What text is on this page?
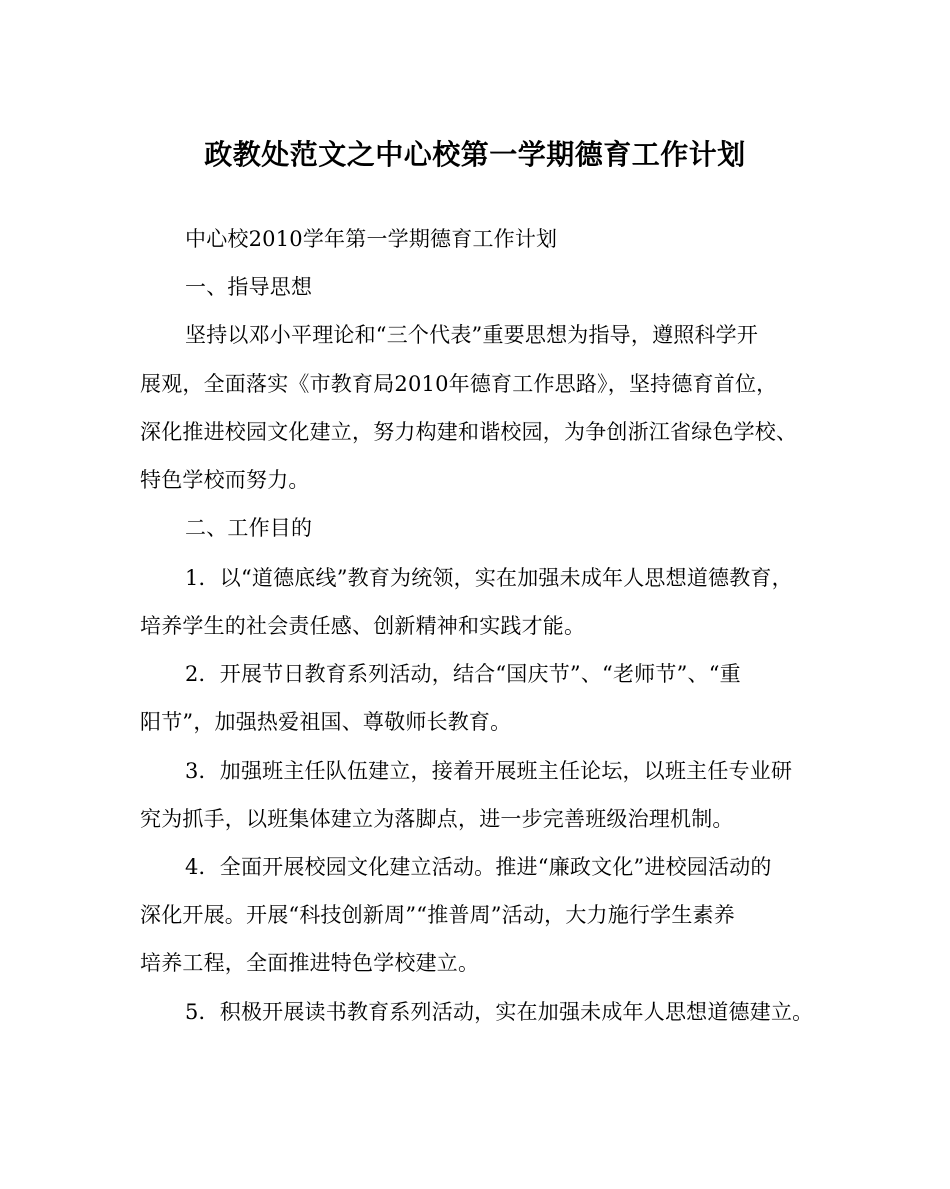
政教处范文之中心校第一学期德育工作计划
中心校2010学年第一学期德育工作计划
一、指导思想
坚持以邓小平理论和“三个代表”重要思想为指导，遵照科学开
展观，全面落实《市教育局2010年德育工作思路》，坚持德育首位，
深化推进校园文化建立，努力构建和谐校园，为争创浙江省绿色学校、
特色学校而努力。
二、工作目的
1．以“道德底线”教育为统领，实在加强未成年人思想道德教育，
培养学生的社会责任感、创新精神和实践才能。
2．开展节日教育系列活动，结合“国庆节”、“老师节”、“重
阳节”，加强热爱祖国、尊敬师长教育。
3．加强班主任队伍建立，接着开展班主任论坛，以班主任专业研
究为抓手，以班集体建立为落脚点，进一步完善班级治理机制。
4．全面开展校园文化建立活动。推进“廉政文化”进校园活动的
深化开展。开展“科技创新周”“推普周”活动，大力施行学生素养
培养工程，全面推进特色学校建立。
5．积极开展读书教育系列活动，实在加强未成年人思想道德建立。
